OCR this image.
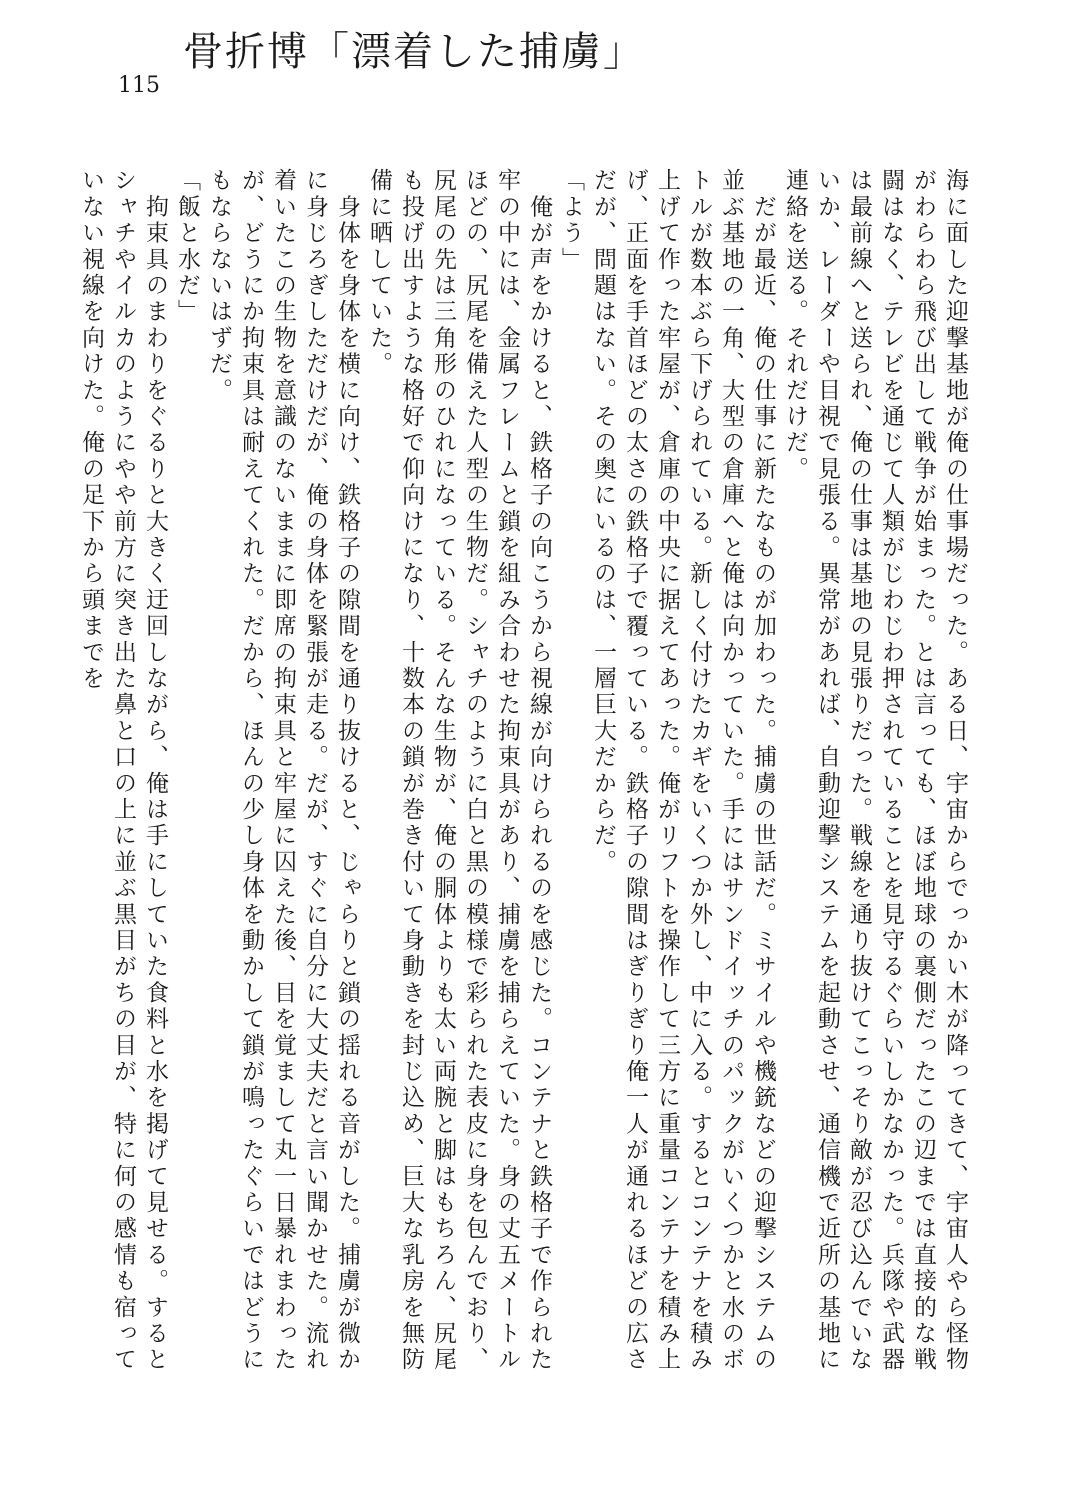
骨折博「漂着した捕虜」
115

海に面した迎撃基地が俺の仕事場だった。ある日、宇宙からでっかい木が降ってきて、宇宙人やら怪物がわらわら飛び出して戦争が始まった。とは言っても、ほぼ地球の裏側だったこの辺までは直接的な戦闘はなく、テレビを通じて人類がじわじわ押されていることを見守るぐらいしかなかった。兵隊や武器は最前線へと送られ、俺の仕事は基地の見張りだった。戦線を通り抜けてこっそり敵が忍び込んでいないか、レーダーや目視で見張る。異常があれば、自動迎撃システムを起動させ、通信機で近所の基地に連絡を送る。それだけだ。

　だが最近、俺の仕事に新たなものが加わった。捕虜の世話だ。ミサイルや機銃などの迎撃システムの並ぶ基地の一角、大型の倉庫へと俺は向かっていた。手にはサンドイッチのパックがいくつかと水のボトルが数本ぶら下げられている。新しく付けたカギをいくつか外し、中に入る。するとコンテナを積み上げて作った牢屋が、倉庫の中央に据えてあった。俺がリフトを操作して三方に重量コンテナを積み上げ、正面を手首ほどの太さの鉄格子で覆っている。鉄格子の隙間はぎりぎり俺一人が通れるほどの広さだが、問題はない。その奥にいるのは、一層巨大だからだ。

「よう」

　俺が声をかけると、鉄格子の向こうから視線が向けられるのを感じた。コンテナと鉄格子で作られた牢の中には、金属フレームと鎖を組み合わせた拘束具があり、捕虜を捕らえていた。身の丈五メートルほどの、尻尾を備えた人型の生物だ。シャチのように白と黒の模様で彩られた表皮に身を包んでおり、尻尾の先は三角形のひれになっている。そんな生物が、俺の胴体よりも太い両腕と脚はもちろん、尻尾も投げ出すような格好で仰向けになり、十数本の鎖が巻き付いて身動きを封じ込め、巨大な乳房を無防備に晒していた。

　身体を身体を横に向け、鉄格子の隙間を通り抜けると、じゃらりと鎖の揺れる音がした。捕虜が微かに身じろぎしただけだが、俺の身体を緊張が走る。だが、すぐに自分に大丈夫だと言い聞かせた。流れ着いたこの生物を意識のないままに即席の拘束具と牢屋に囚えた後、目を覚まして丸一日暴れまわったが、どうにか拘束具は耐えてくれた。だから、ほんの少し身体を動かして鎖が鳴ったぐらいではどうにもならないはずだ。

「飯と水だ」

　拘束具のまわりをぐるりと大きく迂回しながら、俺は手にしていた食料と水を掲げて見せる。するとシャチやイルカのようにやや前方に突き出た鼻と口の上に並ぶ黒目がちの目が、特に何の感情も宿っていない視線を向けた。俺の足下から頭までを
